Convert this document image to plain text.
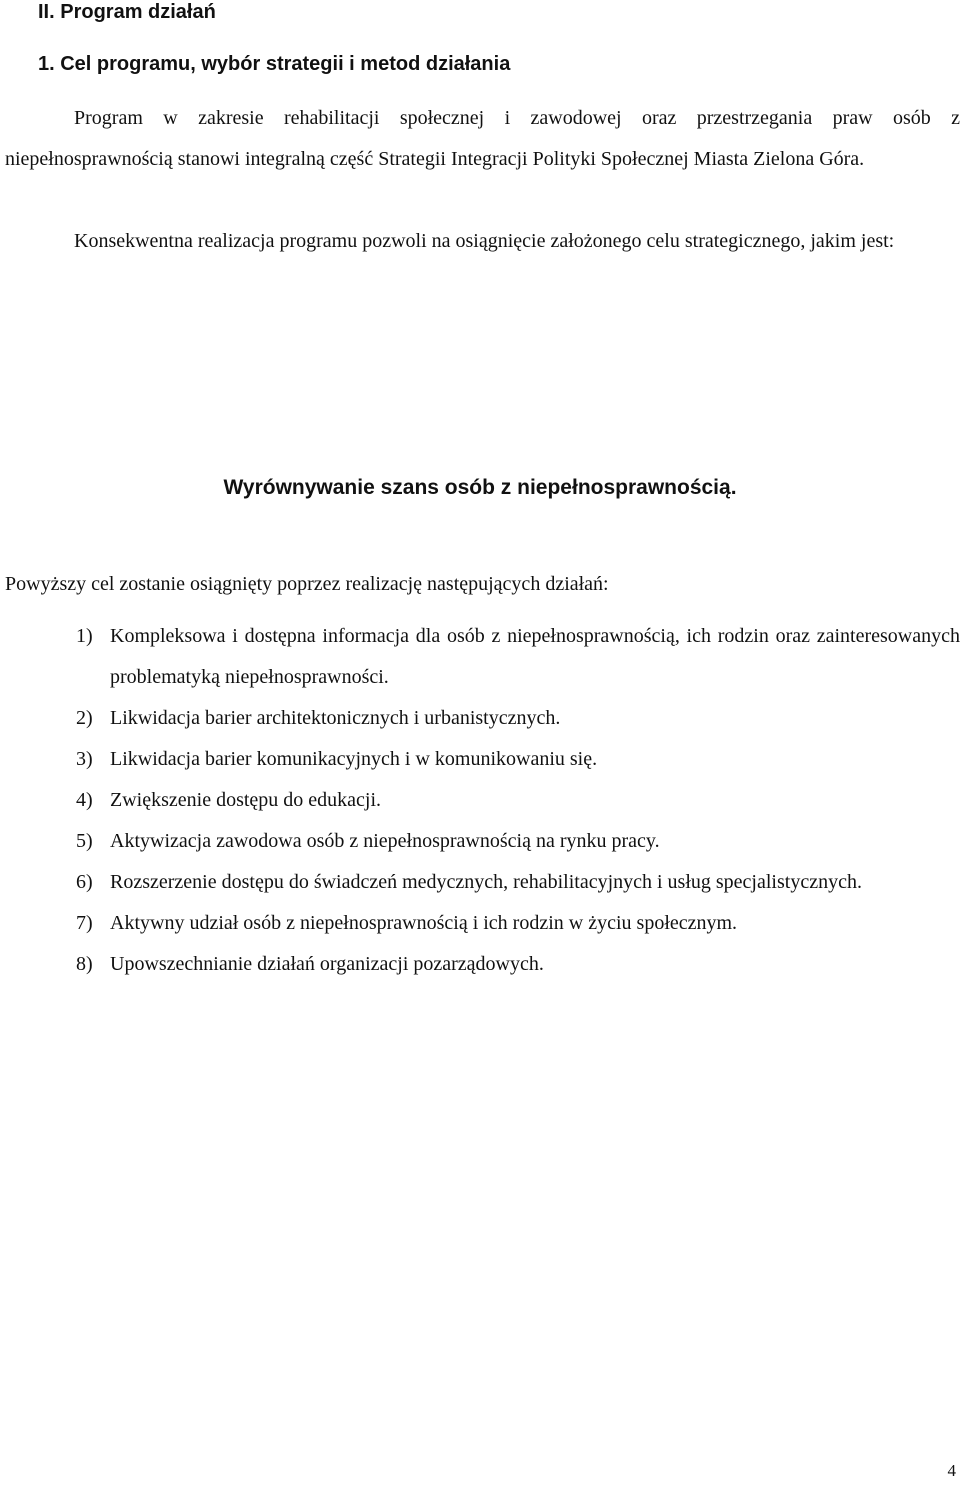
II. Program działań
1. Cel programu, wybór strategii i metod działania

Program w zakresie rehabilitacji społecznej i zawodowej oraz przestrzegania praw osób z niepełnosprawnością stanowi integralną część Strategii Integracji Polityki Społecznej Miasta Zielona Góra.

Konsekwentna realizacja programu pozwoli na osiągnięcie założonego celu strategicznego, jakim jest:

Wyrównywanie szans osób z niepełnosprawnością.
Powyższy cel zostanie osiągnięty poprzez realizację następujących działań:
1) Kompleksowa i dostępna informacja dla osób z niepełnosprawnością, ich rodzin oraz zainteresowanych problematyką niepełnosprawności.
2) Likwidacja barier architektonicznych i urbanistycznych.
3) Likwidacja barier komunikacyjnych i w komunikowaniu się.
4) Zwiększenie dostępu do edukacji.
5) Aktywizacja zawodowa osób z niepełnosprawnością na rynku pracy.
6) Rozszerzenie dostępu do świadczeń medycznych, rehabilitacyjnych i usług specjalistycznych.
7) Aktywny udział osób z niepełnosprawnością i ich rodzin w życiu społecznym.
8) Upowszechnianie działań organizacji pozarządowych.
4
